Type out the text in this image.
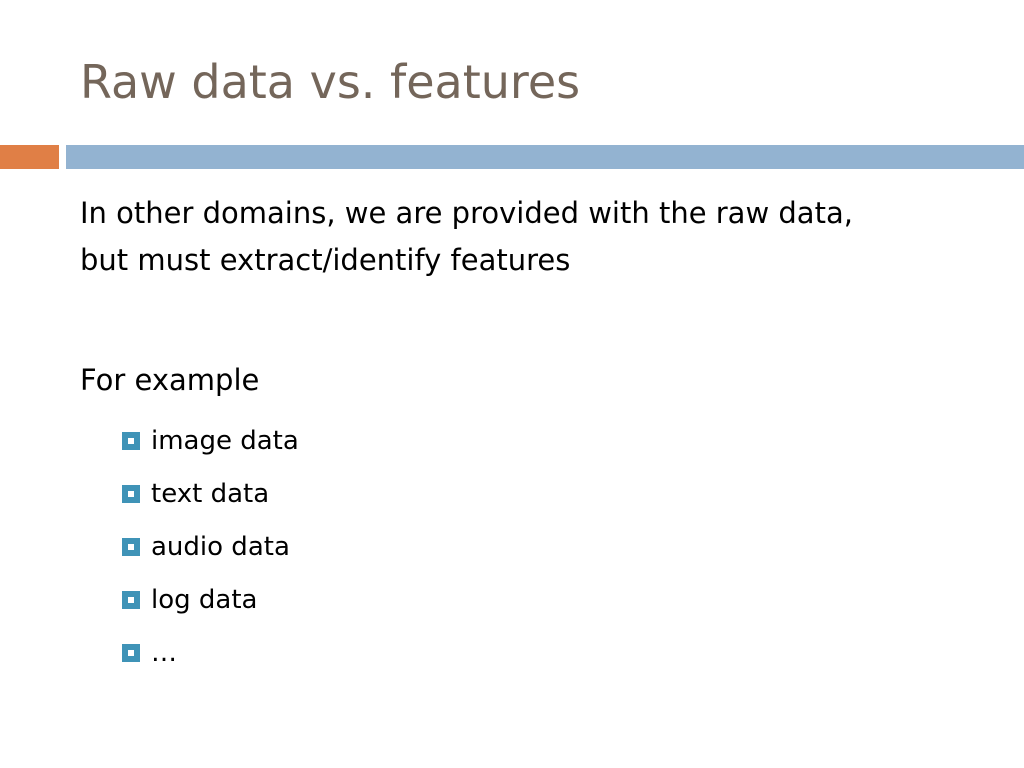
Raw data vs. features

In other domains, we are provided with the raw data,
but must extract/identify features

For example
image data
text data
audio data
log data
…
